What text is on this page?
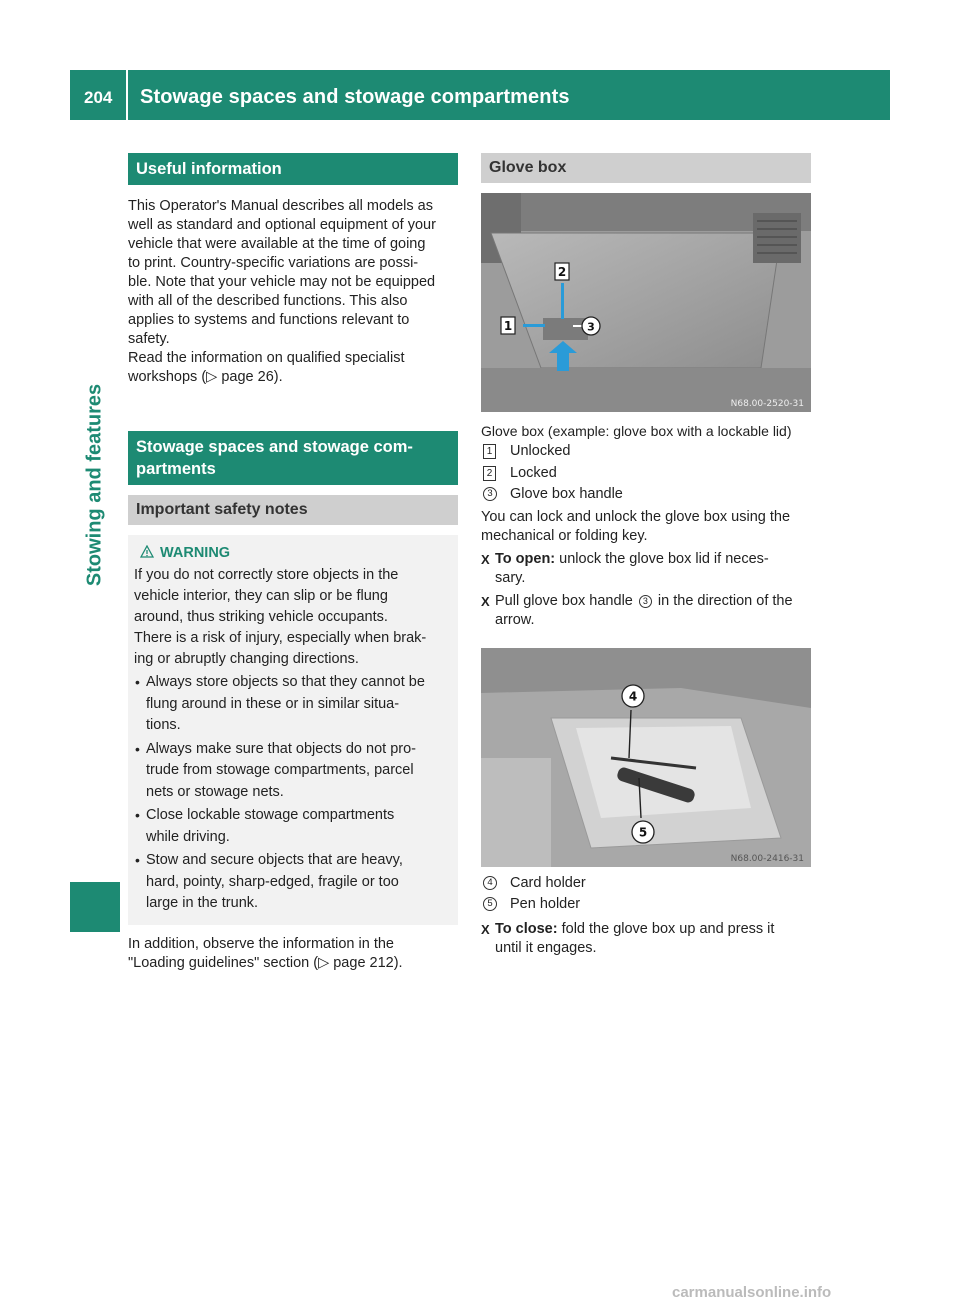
204 Stowage spaces and stowage compartments
Stowing and features
Useful information

This Operator's Manual describes all models as

well as standard and optional equipment of your

vehicle that were available at the time of going

to print. Country-specific variations are possi-

ble. Note that your vehicle may not be equipped

with all of the described functions. This also

applies to systems and functions relevant to

safety.

Read the information on qualified specialist

workshops (▷ page 26).

Stowage spaces and stowage com-
partments
Important safety notes
WARNING

If you do not correctly store objects in the

vehicle interior, they can slip or be flung

around, thus striking vehicle occupants.

There is a risk of injury, especially when brak-

ing or abruptly changing directions.

• Always store objects so that they cannot be
flung around in these or in similar situa-
tions.
• Always make sure that objects do not pro-
trude from stowage compartments, parcel
nets or stowage nets.
• Close lockable stowage compartments
while driving.
• Stow and secure objects that are heavy,
hard, pointy, sharp-edged, fragile or too
large in the trunk.

In addition, observe the information in the

"Loading guidelines" section (▷ page 212).

Glove box
3
1
2
N68.00-2520-31

Glove box (example: glove box with a lockable lid)

1 Unlocked
2 Locked
3	Glove box handle

You can lock and unlock the glove box using the

mechanical or folding key.

X To open: unlock the glove box lid if neces-
sary.
X Pull glove box handle 3 in the direction of the
arrow.
4
5
N68.00-2416-31
4	Card holder
5	Pen holder
X To close: fold the glove box up and press it
until it engages.
carmanualsonline.info
